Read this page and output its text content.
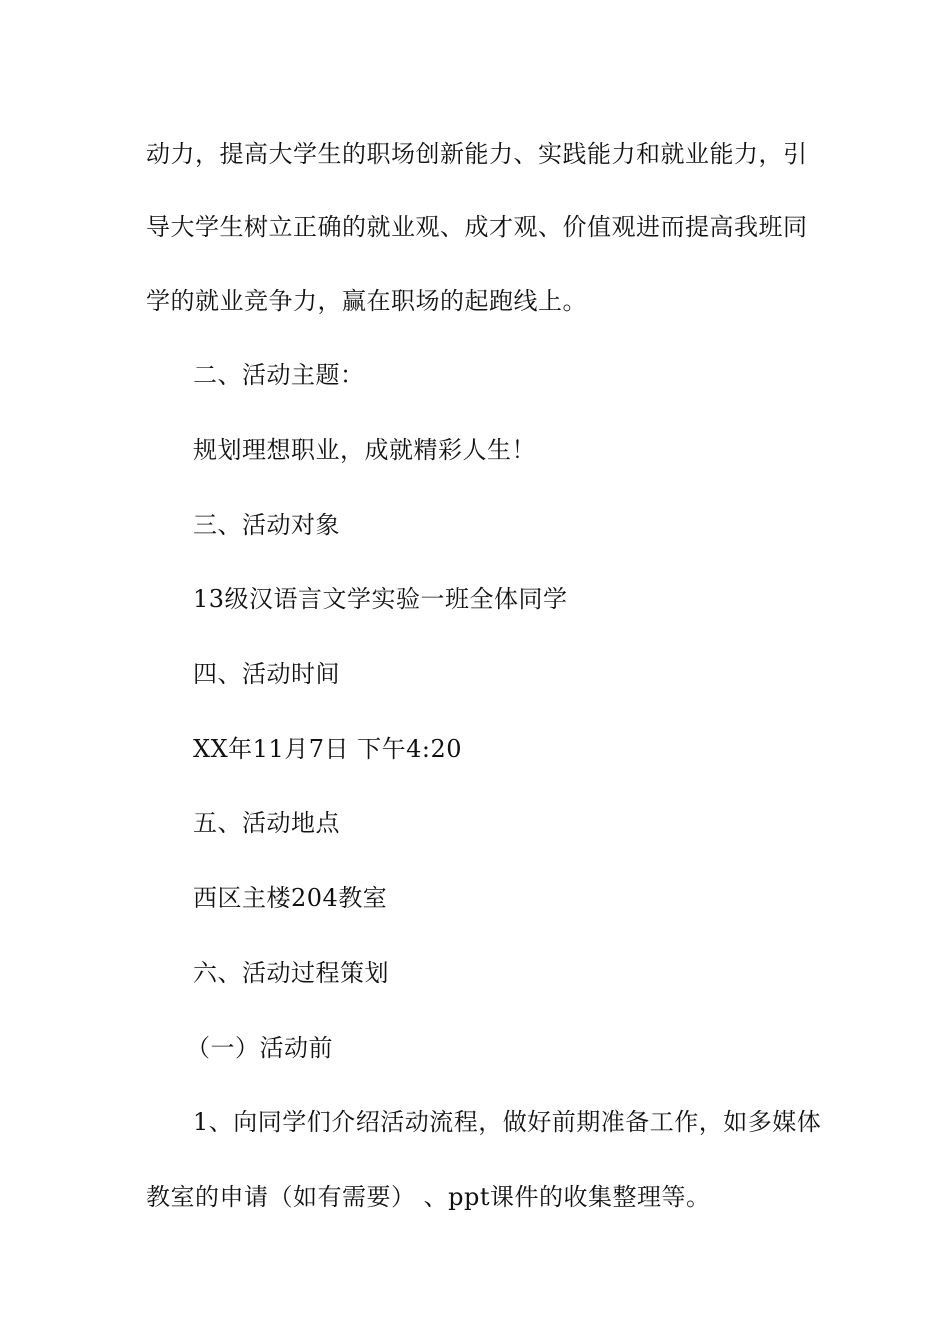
动力，提高大学生的职场创新能力、实践能力和就业能力，引
导大学生树立正确的就业观、成才观、价值观进而提高我班同
学的就业竞争力，赢在职场的起跑线上。
二、活动主题：
规划理想职业，成就精彩人生！
三、活动对象
13级汉语言文学实验一班全体同学
四、活动时间
XX年11月7日 下午4:20
五、活动地点
西区主楼204教室
六、活动过程策划
（一）活动前
1、向同学们介绍活动流程，做好前期准备工作，如多媒体
教室的申请（如有需要） 、ppt课件的收集整理等。
